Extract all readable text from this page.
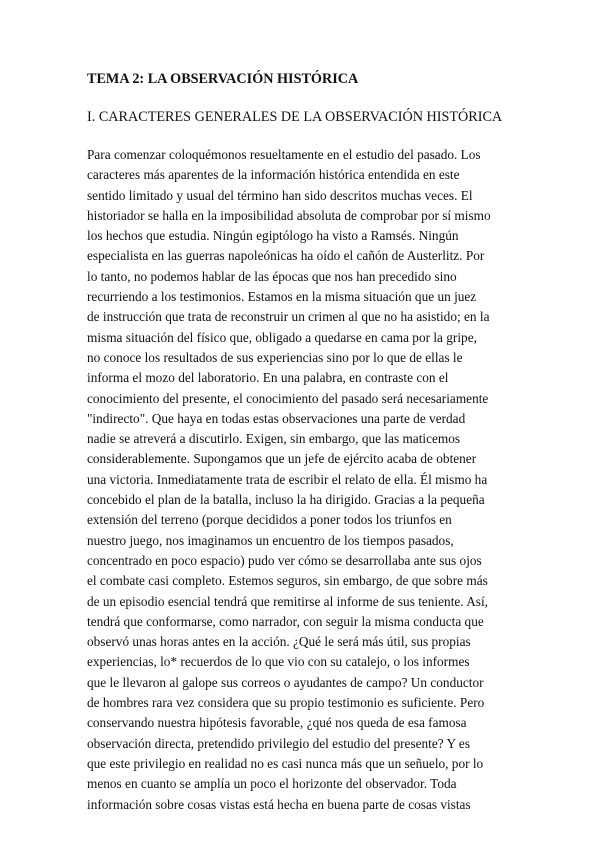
TEMA 2: LA OBSERVACIÓN HISTÓRICA
I. CARACTERES GENERALES DE LA OBSERVACIÓN HISTÓRICA
Para comenzar coloquémonos resueltamente en el estudio del pasado. Los
caracteres más aparentes de la información histórica entendida en este
sentido limitado y usual del término han sido descritos muchas veces. El
historiador se halla en la imposibilidad absoluta de comprobar por sí mismo
los hechos que estudia. Ningún egiptólogo ha visto a Ramsés. Ningún
especialista en las guerras napoleónicas ha oído el cañón de Austerlitz. Por
lo tanto, no podemos hablar de las épocas que nos han precedido sino
recurriendo a los testimonios. Estamos en la misma situación que un juez
de instrucción que trata de reconstruir un crimen al que no ha asistido; en la
misma situación del físico que, obligado a quedarse en cama por la gripe,
no conoce los resultados de sus experiencias sino por lo que de ellas le
informa el mozo del laboratorio. En una palabra, en contraste con el
conocimiento del presente, el conocimiento del pasado será necesariamente
"indirecto". Que haya en todas estas observaciones una parte de verdad
nadie se atreverá a discutirlo. Exigen, sin embargo, que las maticemos
considerablemente. Supongamos que un jefe de ejército acaba de obtener
una victoria. Inmediatamente trata de escribir el relato de ella. Él mismo ha
concebido el plan de la batalla, incluso la ha dirigido. Gracias a la pequeña
extensión del terreno (porque decididos a poner todos los triunfos en
nuestro juego, nos imaginamos un encuentro de los tiempos pasados,
concentrado en poco espacio) pudo ver cómo se desarrollaba ante sus ojos
el combate casi completo. Estemos seguros, sin embargo, de que sobre más
de un episodio esencial tendrá que remitirse al informe de sus teniente. Así,
tendrá que conformarse, como narrador, con seguir la misma conducta que
observó unas horas antes en la acción. ¿Qué le será más útil, sus propias
experiencias, lo* recuerdos de lo que vio con su catalejo, o los informes
que le llevaron al galope sus correos o ayudantes de campo? Un conductor
de hombres rara vez considera que su propio testimonio es suficiente. Pero
conservando nuestra hipótesis favorable, ¿qué nos queda de esa famosa
observación directa, pretendido privilegio del estudio del presente? Y es
que este privilegio en realidad no es casi nunca más que un señuelo, por lo
menos en cuanto se amplía un poco el horizonte del observador. Toda
información sobre cosas vistas está hecha en buena parte de cosas vistas
